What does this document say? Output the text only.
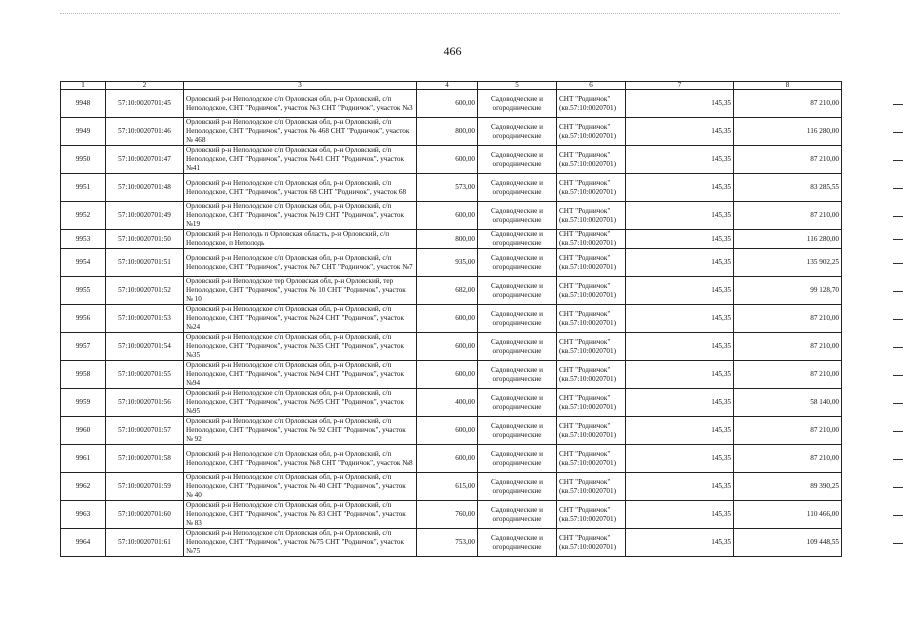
466
1	2	3	4	5	6	7	8
9948	57:10:0020701:45	Орловский р-н Неполодское с/п Орловская обл, р-н Орловский, с/п Неполодское, СНТ "Родничок", участок №3 СНТ "Родничок", участок №3	600,00	Садоводческие и огороднические	СНТ "Родничок" (кв.57:10:0020701)	145,35	87 210,00
9949	57:10:0020701:46	Орловский р-н Неполодское с/п Орловская обл, р-н Орловский, с/п Неполодское, СНТ "Родничок", участок № 468 СНТ "Родничок", участок № 468	800,00	Садоводческие и огороднические	СНТ "Родничок" (кв.57:10:0020701)	145,35	116 280,00
9950	57:10:0020701:47	Орловский р-н Неполодское с/п Орловская обл, р-н Орловский, с/п Неполодское, СНТ "Родничок", участок №41 СНТ "Родничок", участок №41	600,00	Садоводческие и огороднические	СНТ "Родничок" (кв.57:10:0020701)	145,35	87 210,00
9951	57:10:0020701:48	Орловский р-н Неполодское с/п Орловская обл, р-н Орловский, с/п Неполодское, СНТ "Родничок", участок 68 СНТ "Родничок", участок 68	573,00	Садоводческие и огороднические	СНТ "Родничок" (кв.57:10:0020701)	145,35	83 285,55
9952	57:10:0020701:49	Орловский р-н Неполодское с/п Орловская обл, р-н Орловский, с/п Неполодское, СНТ "Родничок", участок №19 СНТ "Родничок", участок №19	600,00	Садоводческие и огороднические	СНТ "Родничок" (кв.57:10:0020701)	145,35	87 210,00
9953	57:10:0020701:50	Орловский р-н Неполодь п Орловская область, р-н Орловский, с/п Неполодское, п Неполодь	800,00	Садоводческие и огороднические	СНТ "Родничок" (кв.57:10:0020701)	145,35	116 280,00
9954	57:10:0020701:51	Орловский р-н Неполодское с/п Орловская обл, р-н Орловский, с/п Неполодское, СНТ "Родничок", участок №7 СНТ "Родничок", участок №7	935,00	Садоводческие и огороднические	СНТ "Родничок" (кв.57:10:0020701)	145,35	135 902,25
9955	57:10:0020701:52	Орловский р-н Неполодское тер Орловская обл, р-н Орловский, тер Неполодское, СНТ "Родничок", участок № 10 СНТ "Родничок", участок № 10	682,00	Садоводческие и огороднические	СНТ "Родничок" (кв.57:10:0020701)	145,35	99 128,70
9956	57:10:0020701:53	Орловский р-н Неполодское с/п Орловская обл, р-н Орловский, с/п Неполодское, СНТ "Родничок", участок №24 СНТ "Родничок", участок №24	600,00	Садоводческие и огороднические	СНТ "Родничок" (кв.57:10:0020701)	145,35	87 210,00
9957	57:10:0020701:54	Орловский р-н Неполодское с/п Орловская обл, р-н Орловский, с/п Неполодское, СНТ "Родничок", участок №35 СНТ "Родничок", участок №35	600,00	Садоводческие и огороднические	СНТ "Родничок" (кв.57:10:0020701)	145,35	87 210,00
9958	57:10:0020701:55	Орловский р-н Неполодское с/п Орловская обл, р-н Орловский, с/п Неполодское, СНТ "Родничок", участок №94 СНТ "Родничок", участок №94	600,00	Садоводческие и огороднические	СНТ "Родничок" (кв.57:10:0020701)	145,35	87 210,00
9959	57:10:0020701:56	Орловский р-н Неполодское с/п Орловская обл, р-н Орловский, с/п Неполодское, СНТ "Родничок", участок №95 СНТ "Родничок", участок №95	400,00	Садоводческие и огороднические	СНТ "Родничок" (кв.57:10:0020701)	145,35	58 140,00
9960	57:10:0020701:57	Орловский р-н Неполодское с/п Орловская обл, р-н Орловский, с/п Неполодское, СНТ "Родничок", участок № 92 СНТ "Родничок", участок № 92	600,00	Садоводческие и огороднические	СНТ "Родничок" (кв.57:10:0020701)	145,35	87 210,00
9961	57:10:0020701:58	Орловский р-н Неполодское с/п Орловская обл, р-н Орловский, с/п Неполодское, СНТ "Родничок", участок №8 СНТ "Родничок", участок №8	600,00	Садоводческие и огороднические	СНТ "Родничок" (кв.57:10:0020701)	145,35	87 210,00
9962	57:10:0020701:59	Орловский р-н Неполодское с/п Орловская обл, р-н Орловский, с/п Неполодское, СНТ "Родничок", участок № 40 СНТ "Родничок", участок № 40	615,00	Садоводческие и огороднические	СНТ "Родничок" (кв.57:10:0020701)	145,35	89 390,25
9963	57:10:0020701:60	Орловский р-н Неполодское с/п Орловская обл, р-н Орловский, с/п Неполодское, СНТ "Родничок", участок № 83 СНТ "Родничок", участок № 83	760,00	Садоводческие и огороднические	СНТ "Родничок" (кв.57:10:0020701)	145,35	110 466,00
9964	57:10:0020701:61	Орловский р-н Неполодское с/п Орловская обл, р-н Орловский, с/п Неполодское, СНТ "Родничок", участок №75 СНТ "Родничок", участок №75	753,00	Садоводческие и огороднические	СНТ "Родничок" (кв.57:10:0020701)	145,35	109 448,55
